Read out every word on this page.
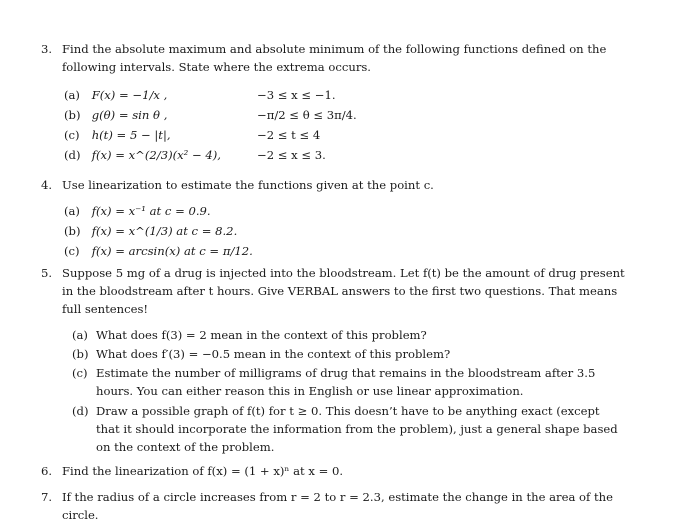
3. Find the absolute maximum and absolute minimum of the following functions defined on the following intervals. State where the extrema occurs.
(a) F(x) = −1/x ,	−3 ≤ x ≤ −1.
(b) g(θ) = sin θ ,	−π/2 ≤ θ ≤ 3π/4.
(c) h(t) = 5 − |t|,	−2 ≤ t ≤ 4
(d) f(x) = x^(2/3)(x² − 4),	−2 ≤ x ≤ 3.
4. Use linearization to estimate the functions given at the point c.
(a) f(x) = x⁻¹ at c = 0.9.
(b) f(x) = x^(1/3) at c = 8.2.
(c) f(x) = arcsin(x) at c = π/12.
5. Suppose 5 mg of a drug is injected into the bloodstream. Let f(t) be the amount of drug present in the bloodstream after t hours. Give VERBAL answers to the first two questions. That means full sentences!
(a) What does f(3) = 2 mean in the context of this problem?
(b) What does f′(3) = −0.5 mean in the context of this problem?
(c) Estimate the number of milligrams of drug that remains in the bloodstream after 3.5 hours. You can either reason this in English or use linear approximation.
(d) Draw a possible graph of f(t) for t ≥ 0. This doesn’t have to be anything exact (except that it should incorporate the information from the problem), just a general shape based on the context of the problem.
6. Find the linearization of f(x) = (1 + x)ⁿ at x = 0.
7. If the radius of a circle increases from r = 2 to r = 2.3, estimate the change in the area of the circle.
